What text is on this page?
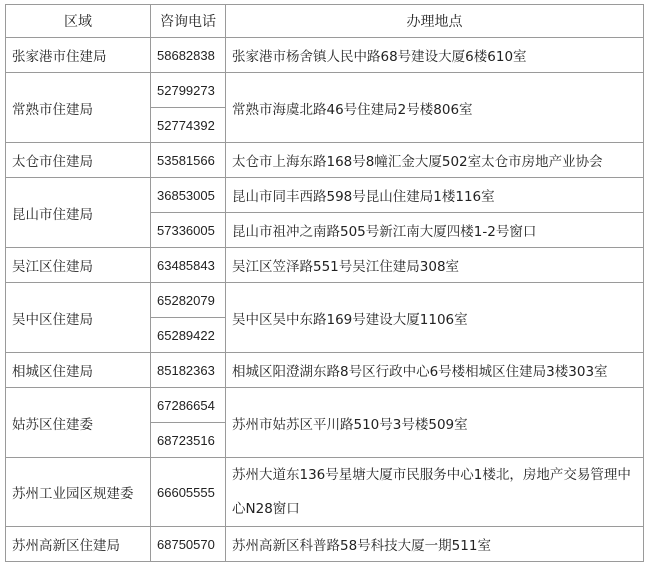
区域	咨询电话	办理地点
张家港市住建局	58682838	张家港市杨舍镇人民中路68号建设大厦6楼610室
常熟市住建局	52799273	常熟市海虞北路46号住建局2号楼806室
	52774392	
太仓市住建局	53581566	太仓市上海东路168号8幢汇金大厦502室太仓市房地产业协会
昆山市住建局	36853005	昆山市同丰西路598号昆山住建局1楼116室
	57336005	昆山市祖冲之南路505号新江南大厦四楼1-2号窗口
吴江区住建局	63485843	吴江区笠泽路551号吴江住建局308室
吴中区住建局	65282079	吴中区吴中东路169号建设大厦1106室
	65289422	
相城区住建局	85182363	相城区阳澄湖东路8号区行政中心6号楼相城区住建局3楼303室
姑苏区住建委	67286654	苏州市姑苏区平川路510号3号楼509室
	68723516	
苏州工业园区规建委	66605555	苏州大道东136号星塘大厦市民服务中心1楼北，房地产交易管理中心N28窗口
苏州高新区住建局	68750570	苏州高新区科普路58号科技大厦一期511室
